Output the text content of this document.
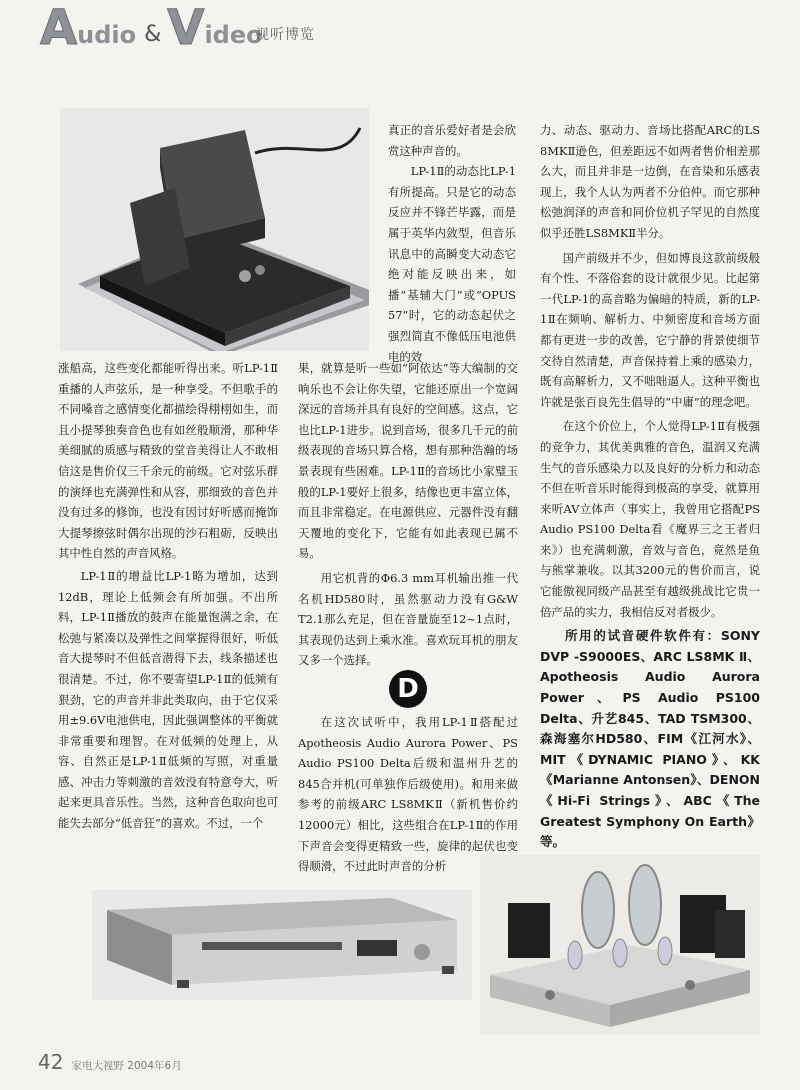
A udio & V ideo
视听博览

涨船高，这些变化都能听得出来。听LP-1Ⅱ重播的人声弦乐，是一种享受。不但歌手的不同嗓音之感情变化都描绘得栩栩如生，而且小提琴独奏音色也有如丝般顺滑，那种华美细腻的质感与精致的堂音美得让人不敢相信这是售价仅三千余元的前级。它对弦乐群的演绎也充满弹性和从容，那细致的音色并没有过多的修饰，也没有因讨好听感而掩饰大提琴擦弦时偶尔出现的沙石粗砺，反映出其中性自然的声音风格。

LP-1Ⅱ的增益比LP-1略为增加，达到12dB，理论上低频会有所加强。不出所料，LP-1Ⅱ播放的鼓声在能量饱满之余，在松弛与紧凑以及弹性之间掌握得很好，听低音大提琴时不但低音潜得下去，线条描述也很清楚。不过，你不要寄望LP-1Ⅱ的低频有狠劲，它的声音并非此类取向，由于它仅采用±9.6V电池供电，因此强调整体的平衡就非常重要和理智。在对低频的处理上，从容、自然正是LP-1Ⅱ低频的写照，对重量感、冲击力等刺激的音效没有特意夸大，听起来更具音乐性。当然，这种音色取向也可能失去部分“低音狂”的喜欢。不过，一个

真正的音乐爱好者是会欣赏这种声音的。

LP-1Ⅱ的动态比LP-1有所提高。只是它的动态反应并不锋芒毕露，而是属于英华内敛型，但音乐讯息中的高瞬变大动态它绝对能反映出来，如播“基辅大门”或“OPUS 57”时，它的动态起伏之强烈简直不像低压电池供电的效

果，就算是听一些如“阿依达”等大编制的交响乐也不会让你失望，它能还原出一个宽阔深远的音场并具有良好的空间感。这点，它也比LP-1进步。说到音场，很多几千元的前级表现的音场只算合格，想有那种浩瀚的场景表现有些困难。LP-1Ⅱ的音场比小家璧玉般的LP-1要好上很多，结像也更丰富立体，而且非常稳定。在电源供应、元器件没有翻天覆地的变化下，它能有如此表现已属不易。

用它机背的Φ6.3 mm耳机输出推一代名机HD580时，虽然驱动力没有G&W T2.1那么充足，但在音量旋至12~1点时，其表现仍达到上乘水准。喜欢玩耳机的朋友又多一个选择。

D

在这次试听中，我用LP-1Ⅱ搭配过Apotheosis Audio Aurora Power、PS Audio PS100 Delta后级和温州升艺的845合并机(可单独作后级使用)。和用来做参考的前级ARC LS8MKⅡ（新机售价约12000元）相比，这些组合在LP-1Ⅱ的作用下声音会变得更精致一些，旋律的起伏也变得顺滑，不过此时声音的分析

力、动态、驱动力、音场比搭配ARC的LS 8MKⅡ逊色，但差距远不如两者售价相差那么大，而且并非是一边倒，在音染和乐感表现上，我个人认为两者不分伯仲。而它那种松弛润泽的声音和同价位机子罕见的自然度似乎还胜LS8MKⅡ半分。

国产前级并不少，但如博良这款前级般有个性、不落俗套的设计就很少见。比起第一代LP-1的高音略为偏暗的特质，新的LP-1Ⅱ在频响、解析力、中频密度和音场方面都有更进一步的改善，它宁静的背景使细节交待自然清楚，声音保持着上乘的感染力，既有高解析力，又不咄咄逼人。这种平衡也许就是张百良先生倡导的“中庸”的理念吧。

在这个价位上，个人觉得LP-1Ⅱ有极强的竞争力，其优美典雅的音色，温润又充满生气的音乐感染力以及良好的分析力和动态不但在听音乐时能得到极高的享受，就算用来听AV立体声（事实上，我曾用它搭配PS Audio PS100 Delta看《魔界三之王者归来》）也充满刺激，音效与音色，竟然是鱼与熊掌兼收。以其3200元的售价而言，说它能傲视同级产品甚至有越级挑战比它贵一倍产品的实力，我相信反对者极少。

所用的试音硬件软件有：SONY DVP -S9000ES、ARC LS8MK Ⅱ、Apotheosis Audio Aurora Power、PS Audio PS100 Delta、升艺845、TAD TSM300、森海塞尔HD580、FIM《江河水》、MIT《DYNAMIC PIANO》、KK《Marianne Antonsen》、DENON《Hi-Fi Strings》、ABC《The Greatest Symphony On Earth》等。

42 家电大视野 2004年6月
